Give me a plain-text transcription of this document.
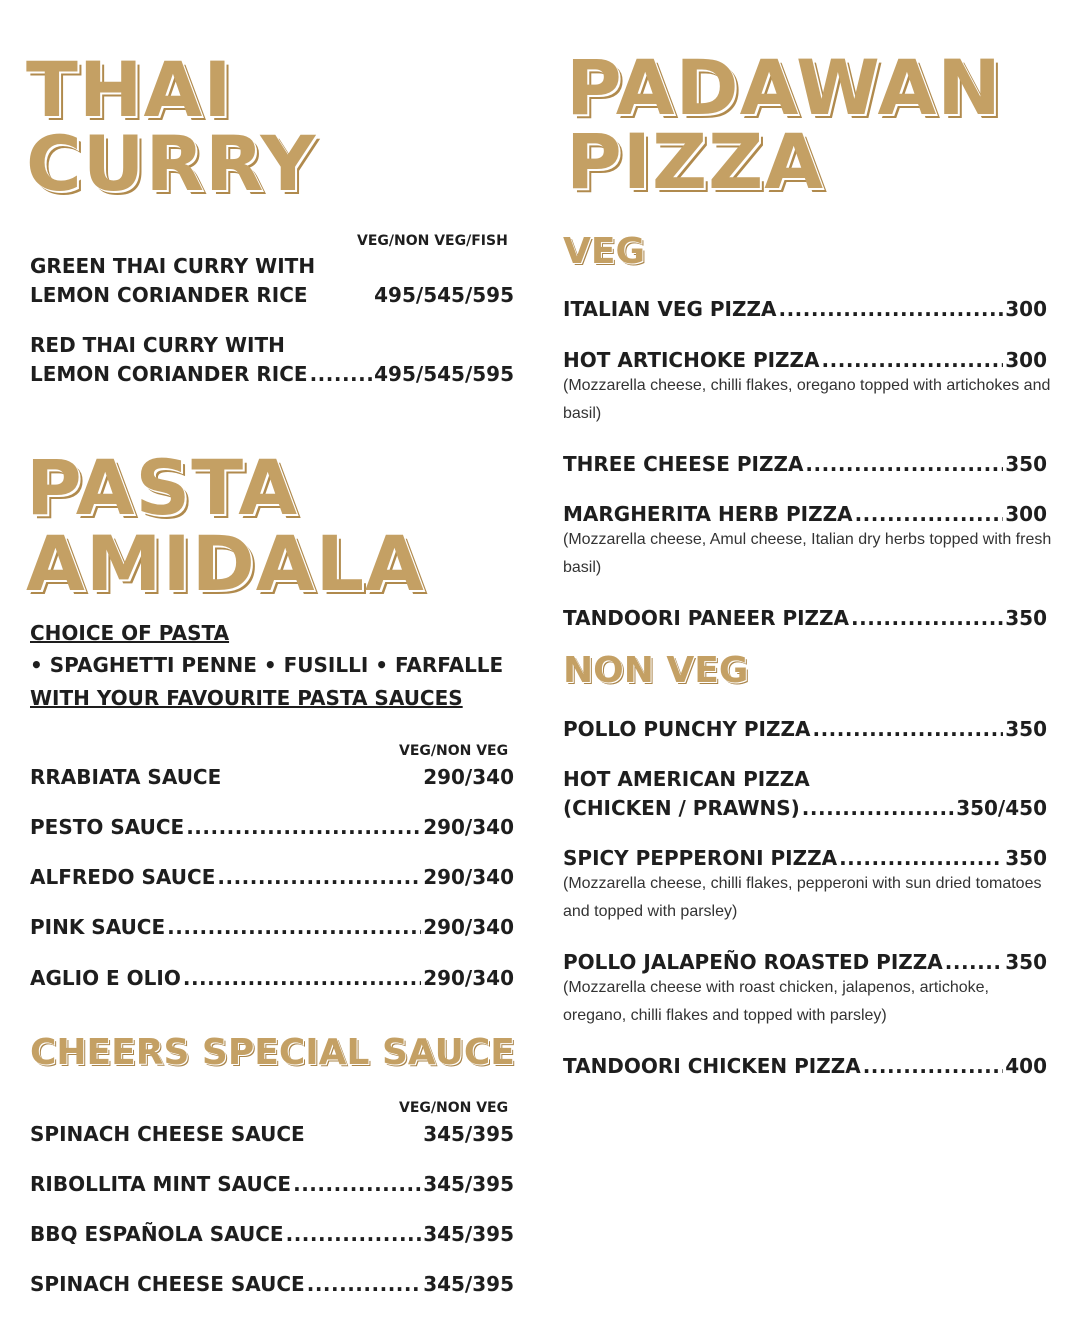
THAI
CURRY
VEG/NON VEG/FISH
GREEN THAI CURRY WITH
LEMON CORIANDER RICE	495/545/595
RED THAI CURRY WITH
LEMON CORIANDER RICE .....	495/545/595
PASTA
AMIDALA
CHOICE OF PASTA
• SPAGHETTI PENNE • FUSILLI • FARFALLE
WITH YOUR FAVOURITE PASTA SAUCES
VEG/NON VEG
RRABIATA SAUCE	290/340
PESTO SAUCE .....	290/340
ALFREDO SAUCE .....	290/340
PINK SAUCE .....	290/340
AGLIO E OLIO .....	290/340
CHEERS SPECIAL SAUCE
VEG/NON VEG
SPINACH CHEESE SAUCE	345/395
RIBOLLITA MINT SAUCE .....	345/395
BBQ ESPAÑOLA SAUCE .....	345/395
SPINACH CHEESE SAUCE .....	345/395
PADAWAN
PIZZA
VEG
ITALIAN VEG PIZZA .....	300
HOT ARTICHOKE PIZZA .....	300
(Mozzarella cheese, chilli flakes, oregano topped with artichokes and basil)
THREE CHEESE PIZZA .....	350
MARGHERITA HERB PIZZA .....	300
(Mozzarella cheese, Amul cheese, Italian dry herbs topped with fresh basil)
TANDOORI PANEER PIZZA .....	350
NON VEG
POLLO PUNCHY PIZZA .....	350
HOT AMERICAN PIZZA
(CHICKEN / PRAWNS) .....	350/450
SPICY PEPPERONI PIZZA .....	350
(Mozzarella cheese, chilli flakes, pepperoni with sun dried tomatoes and topped with parsley)
POLLO JALAPEÑO ROASTED PIZZA .....	350
(Mozzarella cheese with roast chicken, jalapenos, artichoke, oregano, chilli flakes and topped with parsley)
TANDOORI CHICKEN PIZZA .....	400
